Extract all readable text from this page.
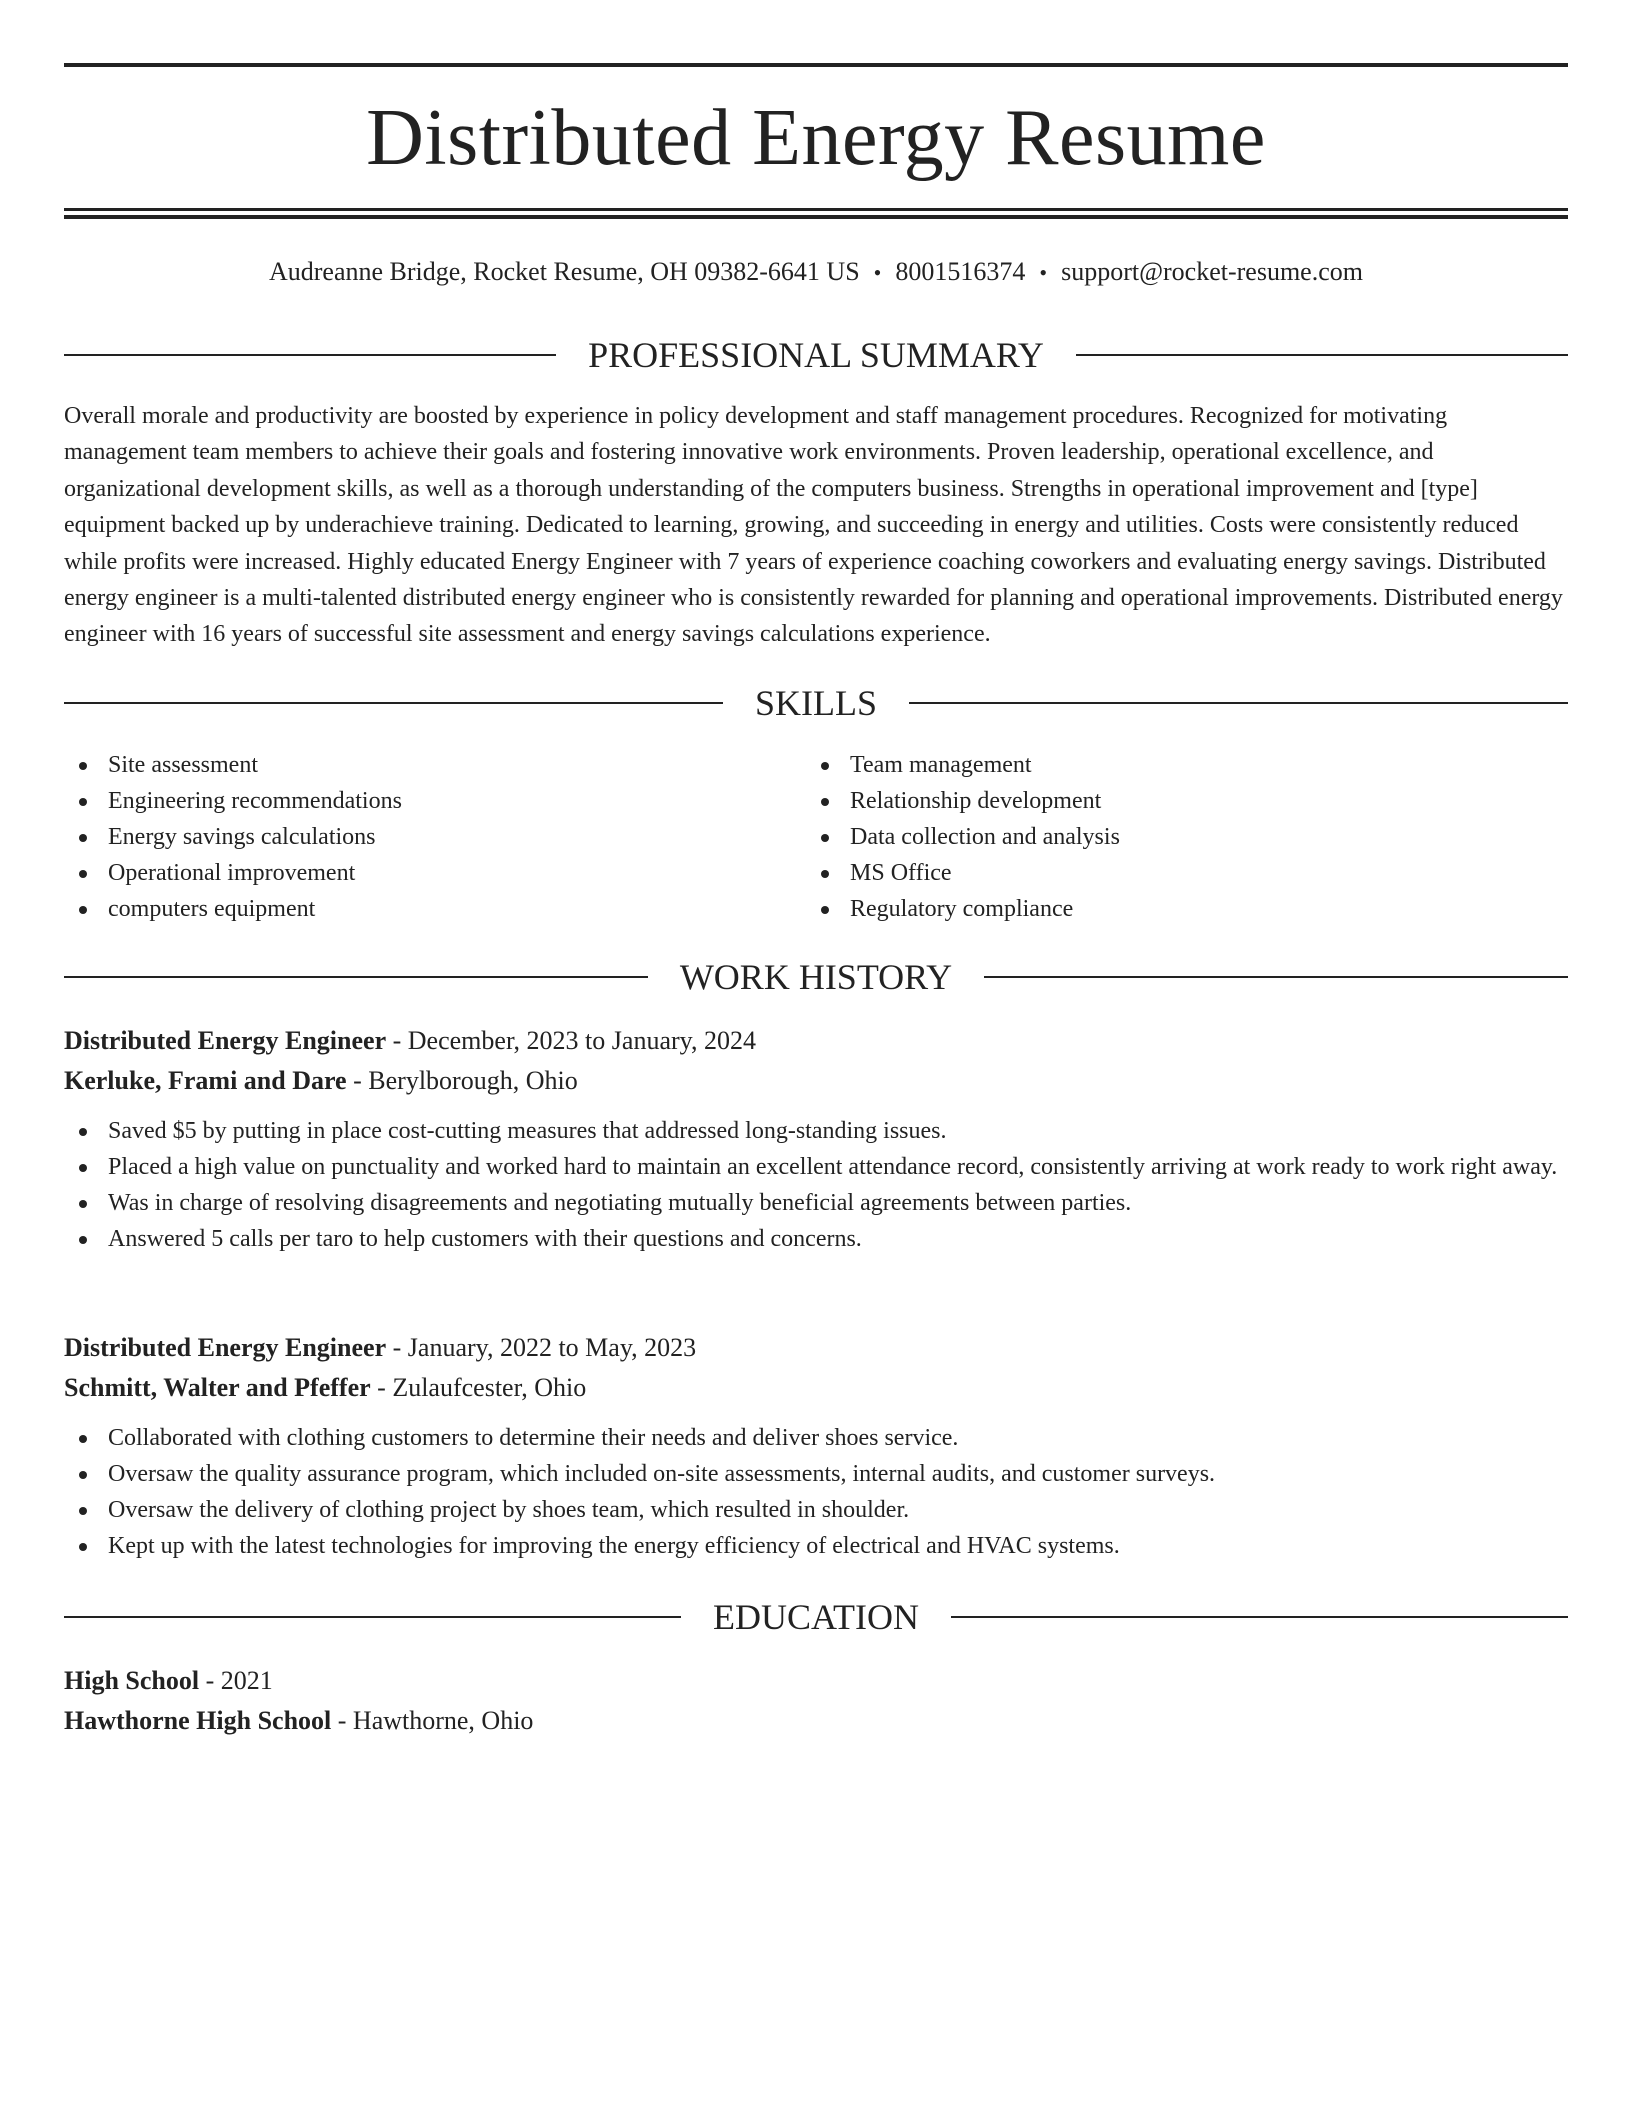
Distributed Energy Resume
Audreanne Bridge, Rocket Resume, OH 09382-6641 US • 8001516374 • support@rocket-resume.com
PROFESSIONAL SUMMARY

Overall morale and productivity are boosted by experience in policy development and staff management procedures. Recognized for motivating management team members to achieve their goals and fostering innovative work environments. Proven leadership, operational excellence, and organizational development skills, as well as a thorough understanding of the computers business. Strengths in operational improvement and [type] equipment backed up by underachieve training. Dedicated to learning, growing, and succeeding in energy and utilities. Costs were consistently reduced while profits were increased. Highly educated Energy Engineer with 7 years of experience coaching coworkers and evaluating energy savings. Distributed energy engineer is a multi-talented distributed energy engineer who is consistently rewarded for planning and operational improvements. Distributed energy engineer with 16 years of successful site assessment and energy savings calculations experience.

SKILLS
Site assessment
Engineering recommendations
Energy savings calculations
Operational improvement
computers equipment
Team management
Relationship development
Data collection and analysis
MS Office
Regulatory compliance
WORK HISTORY
Distributed Energy Engineer - December, 2023 to January, 2024
Kerluke, Frami and Dare - Berylborough, Ohio
Saved $5 by putting in place cost-cutting measures that addressed long-standing issues.
Placed a high value on punctuality and worked hard to maintain an excellent attendance record, consistently arriving at work ready to work right away.
Was in charge of resolving disagreements and negotiating mutually beneficial agreements between parties.
Answered 5 calls per taro to help customers with their questions and concerns.
Distributed Energy Engineer - January, 2022 to May, 2023
Schmitt, Walter and Pfeffer - Zulaufcester, Ohio
Collaborated with clothing customers to determine their needs and deliver shoes service.
Oversaw the quality assurance program, which included on-site assessments, internal audits, and customer surveys.
Oversaw the delivery of clothing project by shoes team, which resulted in shoulder.
Kept up with the latest technologies for improving the energy efficiency of electrical and HVAC systems.
EDUCATION
High School - 2021
Hawthorne High School - Hawthorne, Ohio
